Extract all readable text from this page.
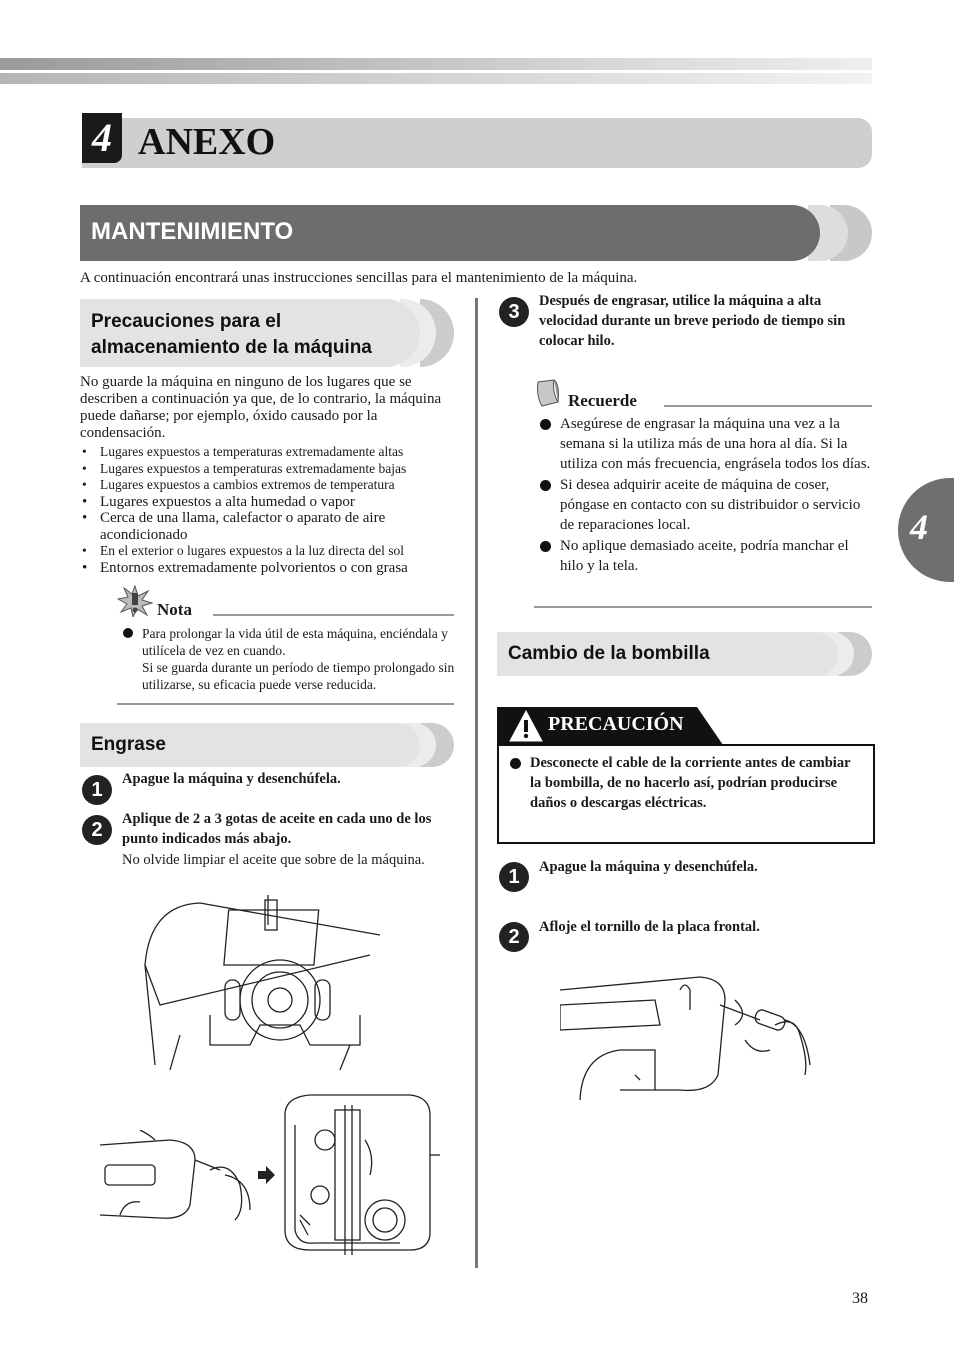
4 ANEXO
MANTENIMIENTO
A continuación encontrará unas instrucciones sencillas para el mantenimiento de la máquina.
Precauciones para el
almacenamiento de la máquina
No guarde la máquina en ninguno de los lugares que se describen a continuación ya que, de lo contrario, la máquina puede dañarse; por ejemplo, óxido causado por la condensación.
• Lugares expuestos a temperaturas extremadamente altas
• Lugares expuestos a temperaturas extremadamente bajas
• Lugares expuestos a cambios extremos de temperatura
• Lugares expuestos a alta humedad o vapor
• Cerca de una llama, calefactor o aparato de aire acondicionado
• En el exterior o lugares expuestos a la luz directa del sol
• Entornos extremadamente polvorientos o con grasa
Nota
Para prolongar la vida útil de esta máquina, enciéndala y utilícela de vez en cuando.
Si se guarda durante un período de tiempo prolongado sin utilizarse, su eficacia puede verse reducida.
Engrase
1	Apague la máquina y desenchúfela.
2	Aplique de 2 a 3 gotas de aceite en cada uno de los punto indicados más abajo.
No olvide limpiar el aceite que sobre de la máquina.
3	Después de engrasar, utilice la máquina a alta velocidad durante un breve periodo de tiempo sin colocar hilo.
Recuerde
Asegúrese de engrasar la máquina una vez a la semana si la utiliza más de una hora al día. Si la utiliza con más frecuencia, engrásela todos los días.
Si desea adquirir aceite de máquina de coser, póngase en contacto con su distribuidor o servicio de reparaciones local.
No aplique demasiado aceite, podría manchar el hilo y la tela.
Cambio de la bombilla
PRECAUCIÓN
Desconecte el cable de la corriente antes de cambiar la bombilla, de no hacerlo así, podrían producirse daños o descargas eléctricas.
1	Apague la máquina y desenchúfela.
2	Afloje el tornillo de la placa frontal.
4
38
